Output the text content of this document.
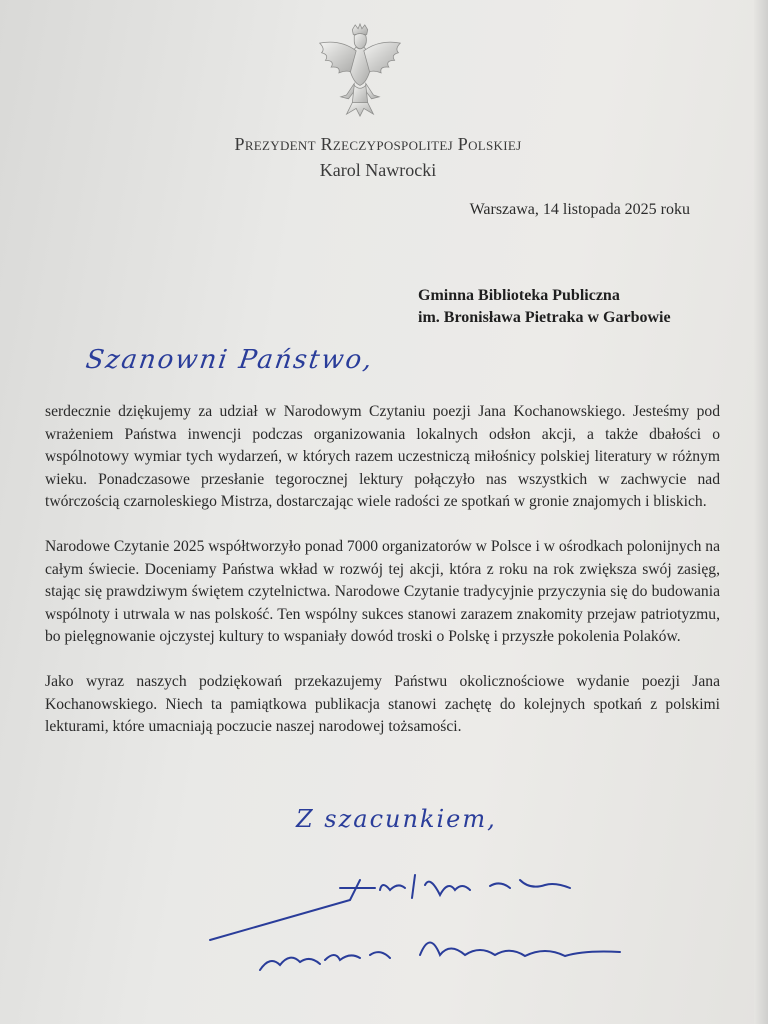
Prezydent Rzeczypospolitej Polskiej
Karol Nawrocki
Warszawa, 14 listopada 2025 roku
Gminna Biblioteka Publiczna
im. Bronisława Pietraka w Garbowie
Szanowni Państwo,

serdecznie dziękujemy za udział w Narodowym Czytaniu poezji Jana Kochanowskiego. Jesteśmy pod wrażeniem Państwa inwencji podczas organizowania lokalnych odsłon akcji, a także dbałości o wspólnotowy wymiar tych wydarzeń, w których razem uczestniczą miłośnicy polskiej literatury w różnym wieku. Ponadczasowe przesłanie tegorocznej lektury połączyło nas wszystkich w zachwycie nad twórczością czarnoleskiego Mistrza, dostarczając wiele radości ze spotkań w gronie znajomych i bliskich.

Narodowe Czytanie 2025 współtworzyło ponad 7000 organizatorów w Polsce i w ośrodkach polonijnych na całym świecie. Doceniamy Państwa wkład w rozwój tej akcji, która z roku na rok zwiększa swój zasięg, stając się prawdziwym świętem czytelnictwa. Narodowe Czytanie tradycyjnie przyczynia się do budowania wspólnoty i utrwala w nas polskość. Ten wspólny sukces stanowi zarazem znakomity przejaw patriotyzmu, bo pielęgnowanie ojczystej kultury to wspaniały dowód troski o Polskę i przyszłe pokolenia Polaków.

Jako wyraz naszych podziękowań przekazujemy Państwu okolicznościowe wydanie poezji Jana Kochanowskiego. Niech ta pamiątkowa publikacja stanowi zachętę do kolejnych spotkań z polskimi lekturami, które umacniają poczucie naszej narodowej tożsamości.

Z szacunkiem,
